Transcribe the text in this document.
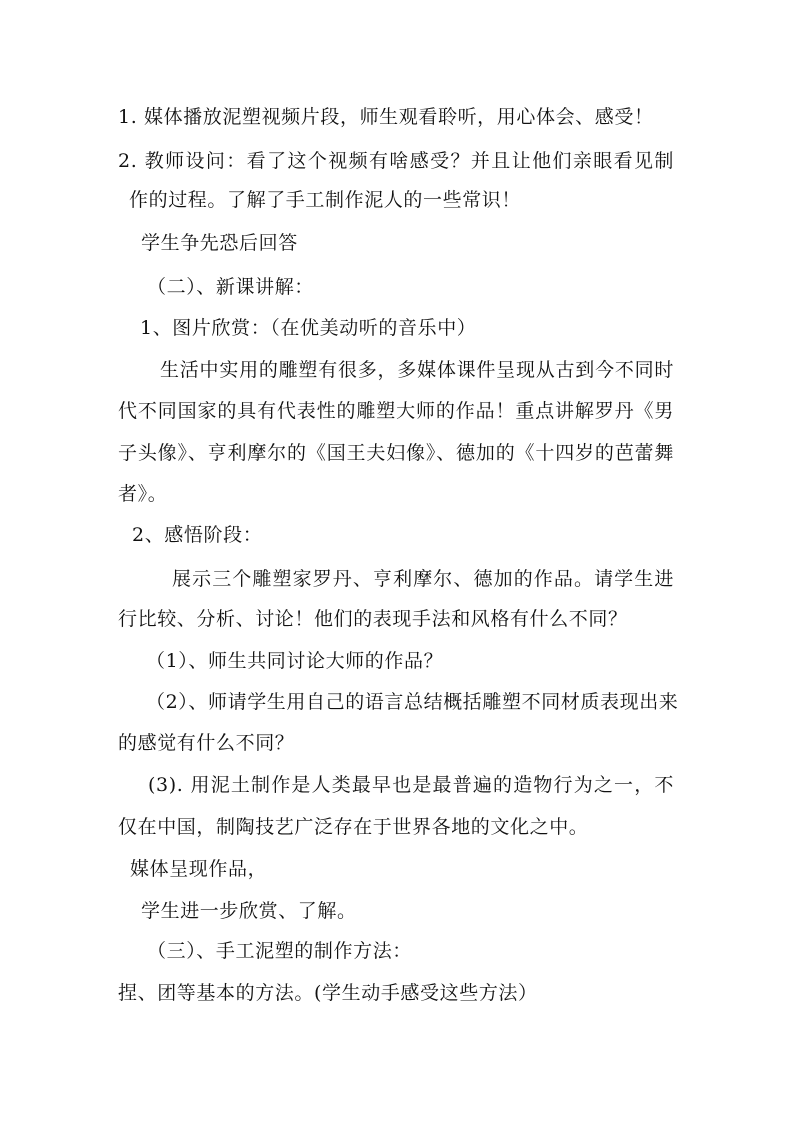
1. 媒体播放泥塑视频片段，师生观看聆听，用心体会、感受！
2. 教师设问：看了这个视频有啥感受？并且让他们亲眼看见制
作的过程。了解了手工制作泥人的一些常识！
学生争先恐后回答
（二）、新课讲解：
1、图片欣赏：（在优美动听的音乐中）
生活中实用的雕塑有很多，多媒体课件呈现从古到今不同时
代不同国家的具有代表性的雕塑大师的作品！重点讲解罗丹《男
子头像》、亨利摩尔的《国王夫妇像》、德加的《十四岁的芭蕾舞
者》。
2、感悟阶段：
展示三个雕塑家罗丹、亨利摩尔、德加的作品。请学生进
行比较、分析、讨论！他们的表现手法和风格有什么不同？
（1）、师生共同讨论大师的作品？
（2）、师请学生用自己的语言总结概括雕塑不同材质表现出来
的感觉有什么不同？
(3). 用泥土制作是人类最早也是最普遍的造物行为之一，不
仅在中国，制陶技艺广泛存在于世界各地的文化之中。
媒体呈现作品，
学生进一步欣赏、了解。
（三）、手工泥塑的制作方法：
捏、团等基本的方法。(学生动手感受这些方法）
